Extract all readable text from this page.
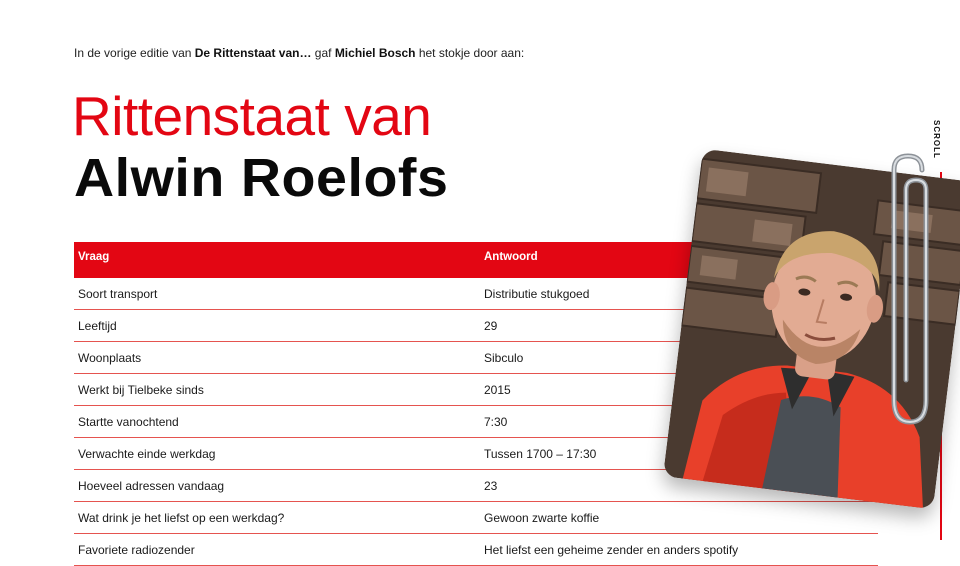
In de vorige editie van De Rittenstaat van… gaf Michiel Bosch het stokje door aan:
Rittenstaat van
Alwin Roelofs
Vraag	Antwoord
Soort transport	Distributie stukgoed
Leeftijd	29
Woonplaats	Sibculo
Werkt bij Tielbeke sinds	2015
Startte vanochtend	7:30
Verwachte einde werkdag	Tussen 1700 – 17:30
Hoeveel adressen vandaag	23
Wat drink je het liefst op een werkdag?	Gewoon zwarte koffie
Favoriete radiozender	Het liefst een geheime zender en anders spotify
SCROLL
